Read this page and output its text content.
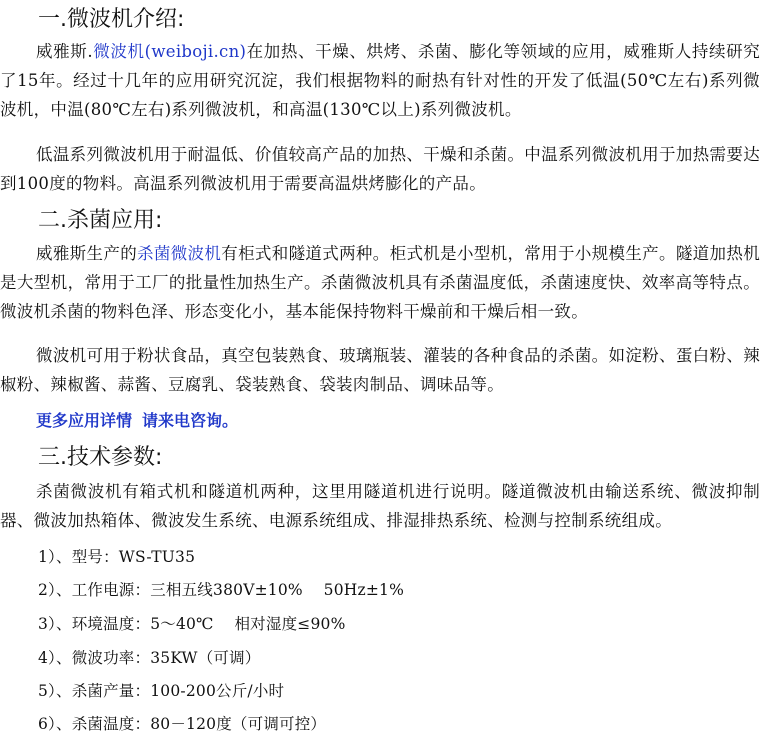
一.微波机介绍:

威雅斯.微波机(weiboji.cn)在加热、干燥、烘烤、杀菌、膨化等领域的应用，威雅斯人持续研究了15年。经过十几年的应用研究沉淀，我们根据物料的耐热有针对性的开发了低温(50℃左右)系列微波机，中温(80℃左右)系列微波机，和高温(130℃以上)系列微波机。

低温系列微波机用于耐温低、价值较高产品的加热、干燥和杀菌。中温系列微波机用于加热需要达到100度的物料。高温系列微波机用于需要高温烘烤膨化的产品。

二.杀菌应用:

威雅斯生产的杀菌微波机有柜式和隧道式两种。柜式机是小型机，常用于小规模生产。隧道加热机是大型机，常用于工厂的批量性加热生产。杀菌微波机具有杀菌温度低，杀菌速度快、效率高等特点。微波机杀菌的物料色泽、形态变化小，基本能保持物料干燥前和干燥后相一致。

微波机可用于粉状食品，真空包装熟食、玻璃瓶装、灌装的各种食品的杀菌。如淀粉、蛋白粉、辣椒粉、辣椒酱、蒜酱、豆腐乳、袋装熟食、袋装肉制品、调味品等。

更多应用详情 请来电咨询。
三.技术参数:

杀菌微波机有箱式机和隧道机两种，这里用隧道机进行说明。隧道微波机由输送系统、微波抑制器、微波加热箱体、微波发生系统、电源系统组成、排湿排热系统、检测与控制系统组成。

1）、型号：WS-TU35
2）、工作电源：三相五线380V±10%　 50Hz±1%
3）、环境温度：5～40℃　 相对湿度≤90%
4）、微波功率：35KW（可调）
5）、杀菌产量：100-200公斤/小时
6）、杀菌温度：80－120度（可调可控）
